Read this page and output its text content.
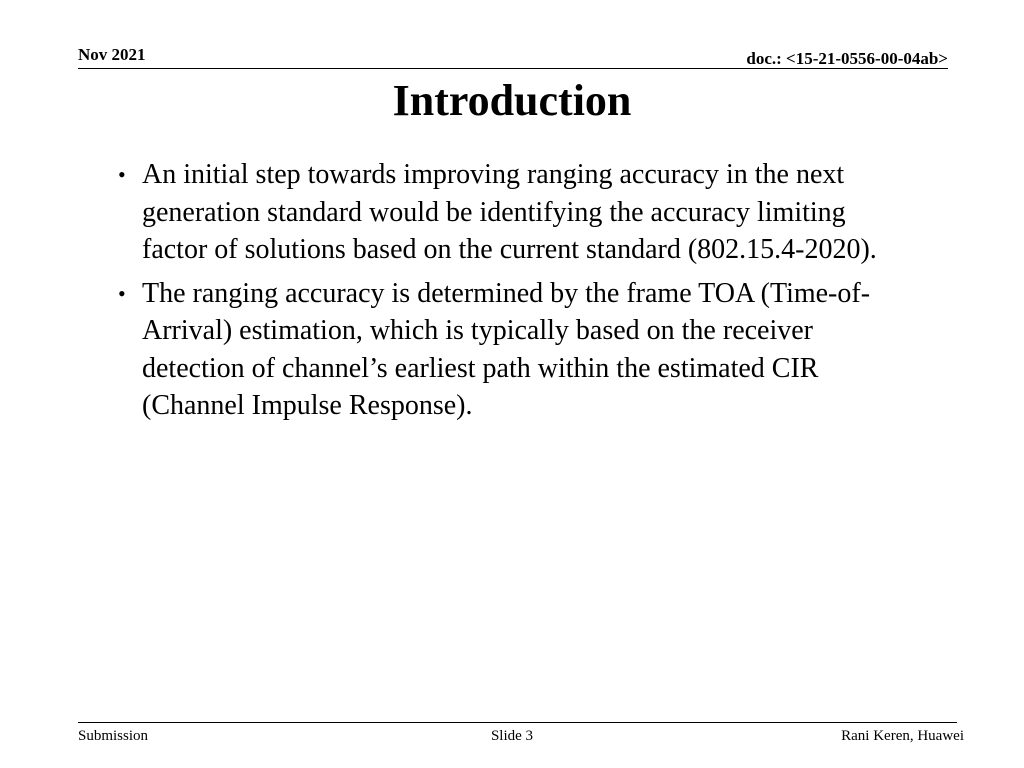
Nov 2021	doc.: <15-21-0556-00-04ab>
Introduction
• An initial step towards improving ranging accuracy in the next generation standard would be identifying the accuracy limiting factor of solutions based on the current standard (802.15.4-2020).
• The ranging accuracy is determined by the frame TOA (Time-of-Arrival) estimation, which is typically based on the receiver detection of channel’s earliest path within the estimated CIR (Channel Impulse Response).
Submission	Slide 3	Rani Keren, Huawei
